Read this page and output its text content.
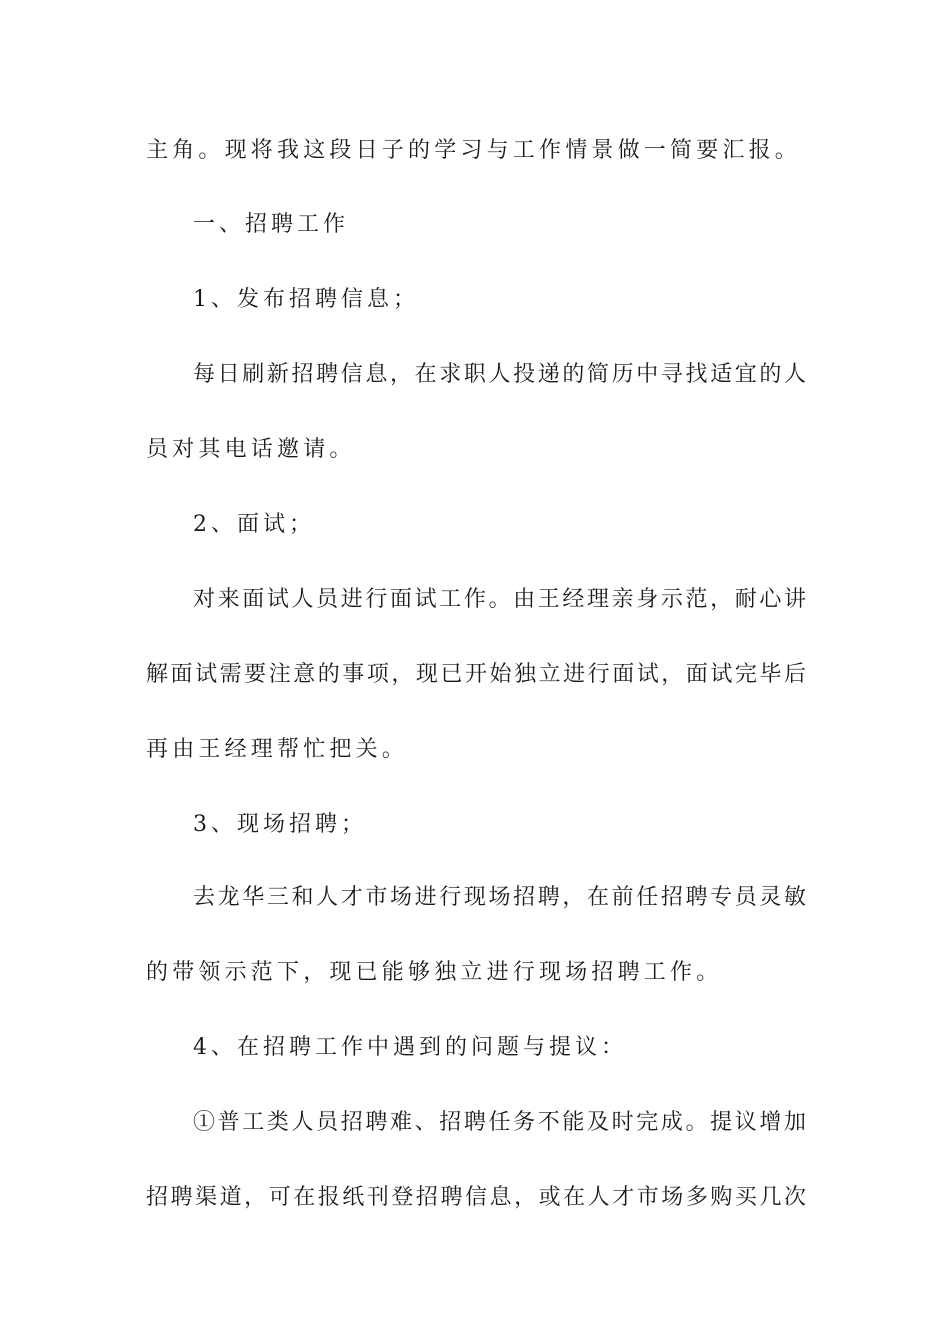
主角。现将我这段日子的学习与工作情景做一简要汇报。
一、招聘工作
1、发布招聘信息；
每日刷新招聘信息，在求职人投递的简历中寻找适宜的人
员对其电话邀请。
2、面试；
对来面试人员进行面试工作。由王经理亲身示范，耐心讲
解面试需要注意的事项，现已开始独立进行面试，面试完毕后
再由王经理帮忙把关。
3、现场招聘；
去龙华三和人才市场进行现场招聘，在前任招聘专员灵敏
的带领示范下，现已能够独立进行现场招聘工作。
4、在招聘工作中遇到的问题与提议：
①普工类人员招聘难、招聘任务不能及时完成。提议增加
招聘渠道，可在报纸刊登招聘信息，或在人才市场多购买几次
